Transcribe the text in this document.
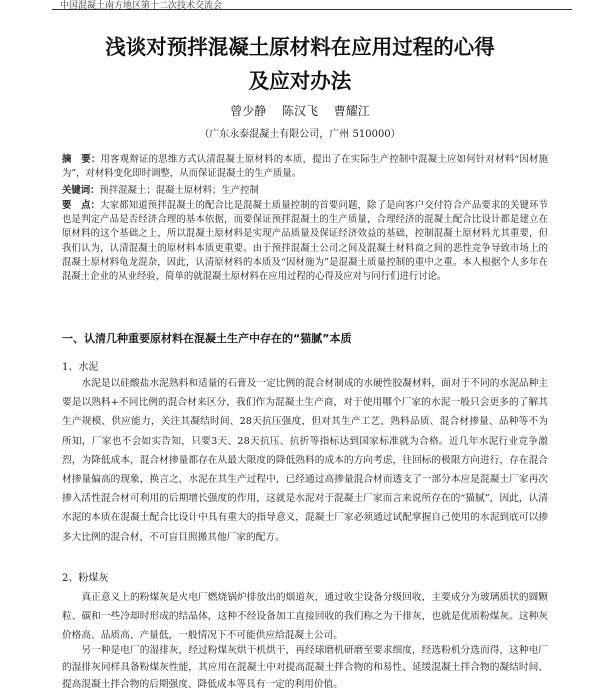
中国混凝土南方地区第十二次技术交流会
浅谈对预拌混凝土原材料在应用过程的心得
及应对办法
曾少静 陈汉飞 曹耀江
（广东永泰混凝土有限公司，广州 510000）
摘　要：用客观辩证的思维方式认清混凝土原材料的本质，提出了在实际生产控制中混凝土应如何针对材料“因材施为”，对材料变化即时调整，从而保证混凝土的生产质量。
关键词：预拌混凝土；混凝土原材料；生产控制
要　点：大家都知道预拌混凝土的配合比是混凝土质量控制的首要问题，除了是向客户交付符合产品要求的关键环节也是判定产品是否经济合理的基本依据，而要保证预拌混凝土的生产质量，合理经济的混凝土配合比设计都是建立在原材料的这个基础之上，所以混凝土原材料是实现产品质量及保证经济效益的基础，控制混凝土原材料尤其重要，但我们认为，认清混凝土的原材料本质更重要。由于预拌混凝土公司之间及混凝土材料商之间的恶性竞争导致市场上的混凝土原材料龟龙混杂，因此，认清原材料的本质及“因材施为”是混凝土质量控制的重中之重。本人根据个人多年在混凝土企业的从业经验，简单的就混凝土原材料在应用过程的心得及应对与同行们进行讨论。
一、认清几种重要原材料在混凝土生产中存在的“猫腻”本质
1、水泥
水泥是以硅酸盐水泥熟料和适量的石膏及一定比例的混合材制成的水硬性胶凝材料，面对于不同的水泥品种主要是以熟料+不同比例的混合材来区分，我们作为混凝土生产商，对于使用哪个厂家的水泥一般只会更多的了解其生产规模、供应能力，关注其凝结时间、28天抗压强度，但对其生产工艺、熟料品质、混合材掺量、品种等不为所知，厂家也不会如实告知，只要3天、28天抗压、抗折等指标达到国家标准就为合格。近几年水泥行业竞争激烈，为降低成本，混合材掺量都存在从最大限度的降低熟料的成本的方向考虑，往回标的极限方向进行，存在混合材掺量偏高的现象，换言之，水泥在其生产过程中，已经通过高掺量混合材而透支了一部分本应是混凝土厂家再次掺入活性混合材可利用的后期增长强度的作用，这就是水泥对于混凝土厂家而言来说所存在的“猫腻”，因此，认清水泥的本质在混凝土配合比设计中具有重大的指导意义，混凝土厂家必须通过试配掌握自己使用的水泥到底可以掺多大比例的混合材，不可盲目照搬其他厂家的配方。
2、粉煤灰
真正意义上的粉煤灰是火电厂燃烧锅炉排放出的烟道灰，通过收尘设备分级回收，主要成分为玻璃质状的圆颗粒、碳和一些冷却时形成的结晶体，这种不经设备加工直接回收的我们称之为干排灰，也就是优质粉煤灰。这种灰价格高、品质高、产量低，一般情况下不可能供应给混凝土公司。
另一种是电厂的湿排灰，经过粉煤灰烘干机烘干，再经球磨机研磨至要求细度，经选粉机分选而得，这种电厂的湿排灰同样具备粉煤灰性能，其应用在混凝土中对提高混凝土拌合物的和易性、延缓混凝土拌合物的凝结时间、提高混凝土拌合物的后期强度、降低成本等具有一定的利用价值。
